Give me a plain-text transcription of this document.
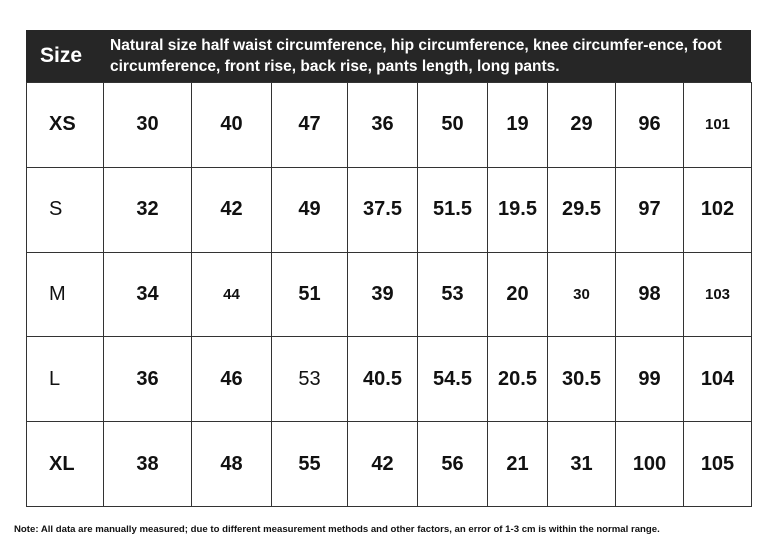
Size Natural size half waist circumference, hip circumference, knee circumfer-ence, foot circumference, front rise, back rise, pants length, long pants.
XS	30	40	47	36	50	19	29	96	101
S	32	42	49	37.5	51.5	19.5	29.5	97	102
M	34	44	51	39	53	20	30	98	103
L	36	46	53	40.5	54.5	20.5	30.5	99	104
XL	38	48	55	42	56	21	31	100	105
Note: All data are manually measured; due to different measurement methods and other factors, an error of 1-3 cm is within the normal range.
